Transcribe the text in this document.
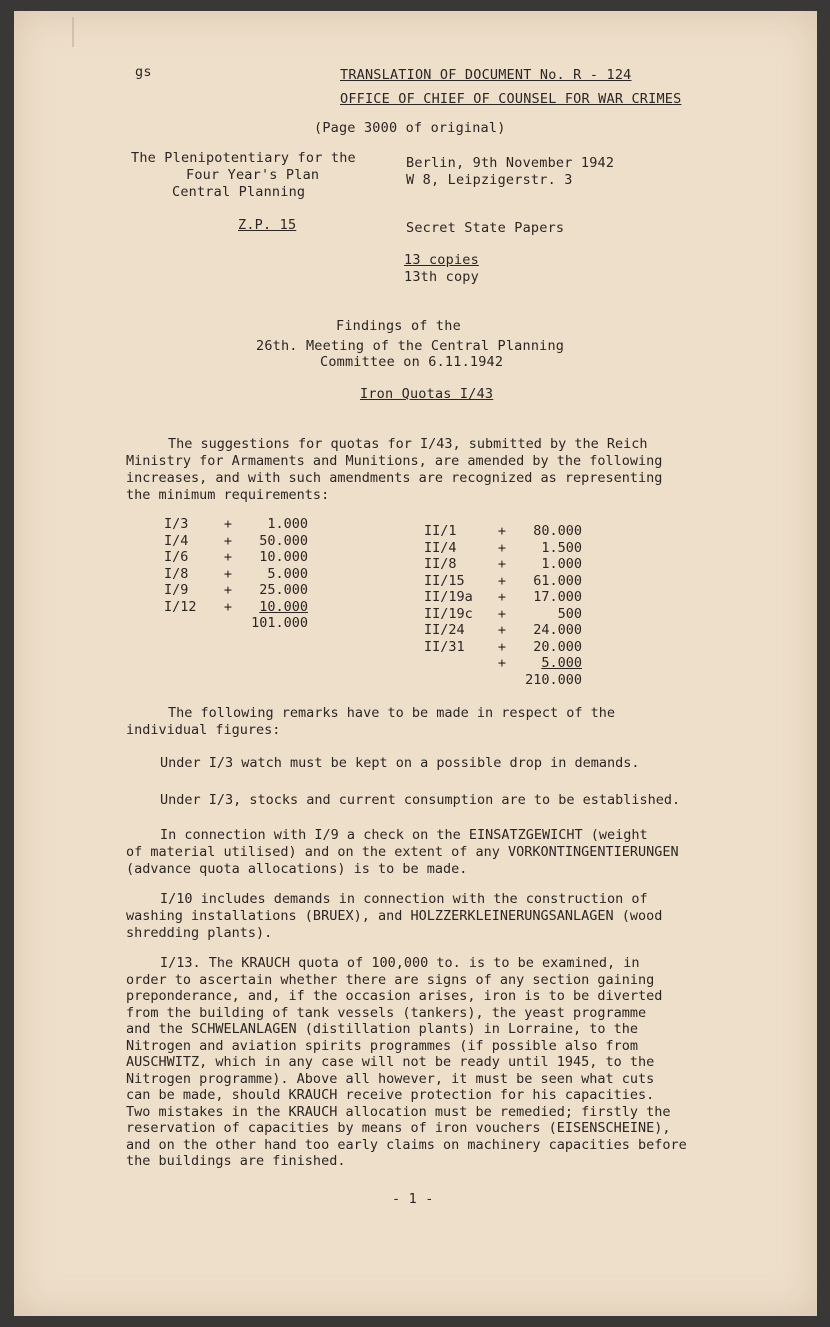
gs	TRANSLATION OF DOCUMENT No. R - 124
OFFICE OF CHIEF OF COUNSEL FOR WAR CRIMES
(Page 3000 of original)
The Plenipotentiary for the
Four Year's Plan
Central Planning
Z.P. 15
Berlin, 9th November 1942
W 8, Leipzigerstr. 3
Secret State Papers
13 copies
13th copy
Findings of the
26th. Meeting of the Central Planning
Committee on 6.11.1942
Iron Quotas I/43
The suggestions for quotas for I/43, submitted by the Reich
Ministry for Armaments and Munitions, are amended by the following
increases, and with such amendments are recognized as representing
the minimum requirements:
I/3	+	1.000
I/4	+	50.000
I/6	+	10.000
I/8	+	5.000
I/9	+	25.000
I/12	+	10.000
101.000
II/1	+	80.000
II/4	+	1.500
II/8	+	1.000
II/15	+	61.000
II/19a	+	17.000
II/19c	+	500
II/24	+	24.000
II/31	+	20.000
+	5.000
210.000
The following remarks have to be made in respect of the
individual figures:
Under I/3 watch must be kept on a possible drop in demands.
Under I/3, stocks and current consumption are to be established.
In connection with I/9 a check on the EINSATZGEWICHT (weight
of material utilised) and on the extent of any VORKONTINGENTIERUNGEN
(advance quota allocations) is to be made.
I/10 includes demands in connection with the construction of
washing installations (BRUEX), and HOLZZERKLEINERUNGSANLAGEN (wood
shredding plants).
I/13. The KRAUCH quota of 100,000 to. is to be examined, in
order to ascertain whether there are signs of any section gaining
preponderance, and, if the occasion arises, iron is to be diverted
from the building of tank vessels (tankers), the yeast programme
and the SCHWELANLAGEN (distillation plants) in Lorraine, to the
Nitrogen and aviation spirits programmes (if possible also from
AUSCHWITZ, which in any case will not be ready until 1945, to the
Nitrogen programme). Above all however, it must be seen what cuts
can be made, should KRAUCH receive protection for his capacities.
Two mistakes in the KRAUCH allocation must be remedied; firstly the
reservation of capacities by means of iron vouchers (EISENSCHEINE),
and on the other hand too early claims on machinery capacities before
the buildings are finished.
- 1 -
